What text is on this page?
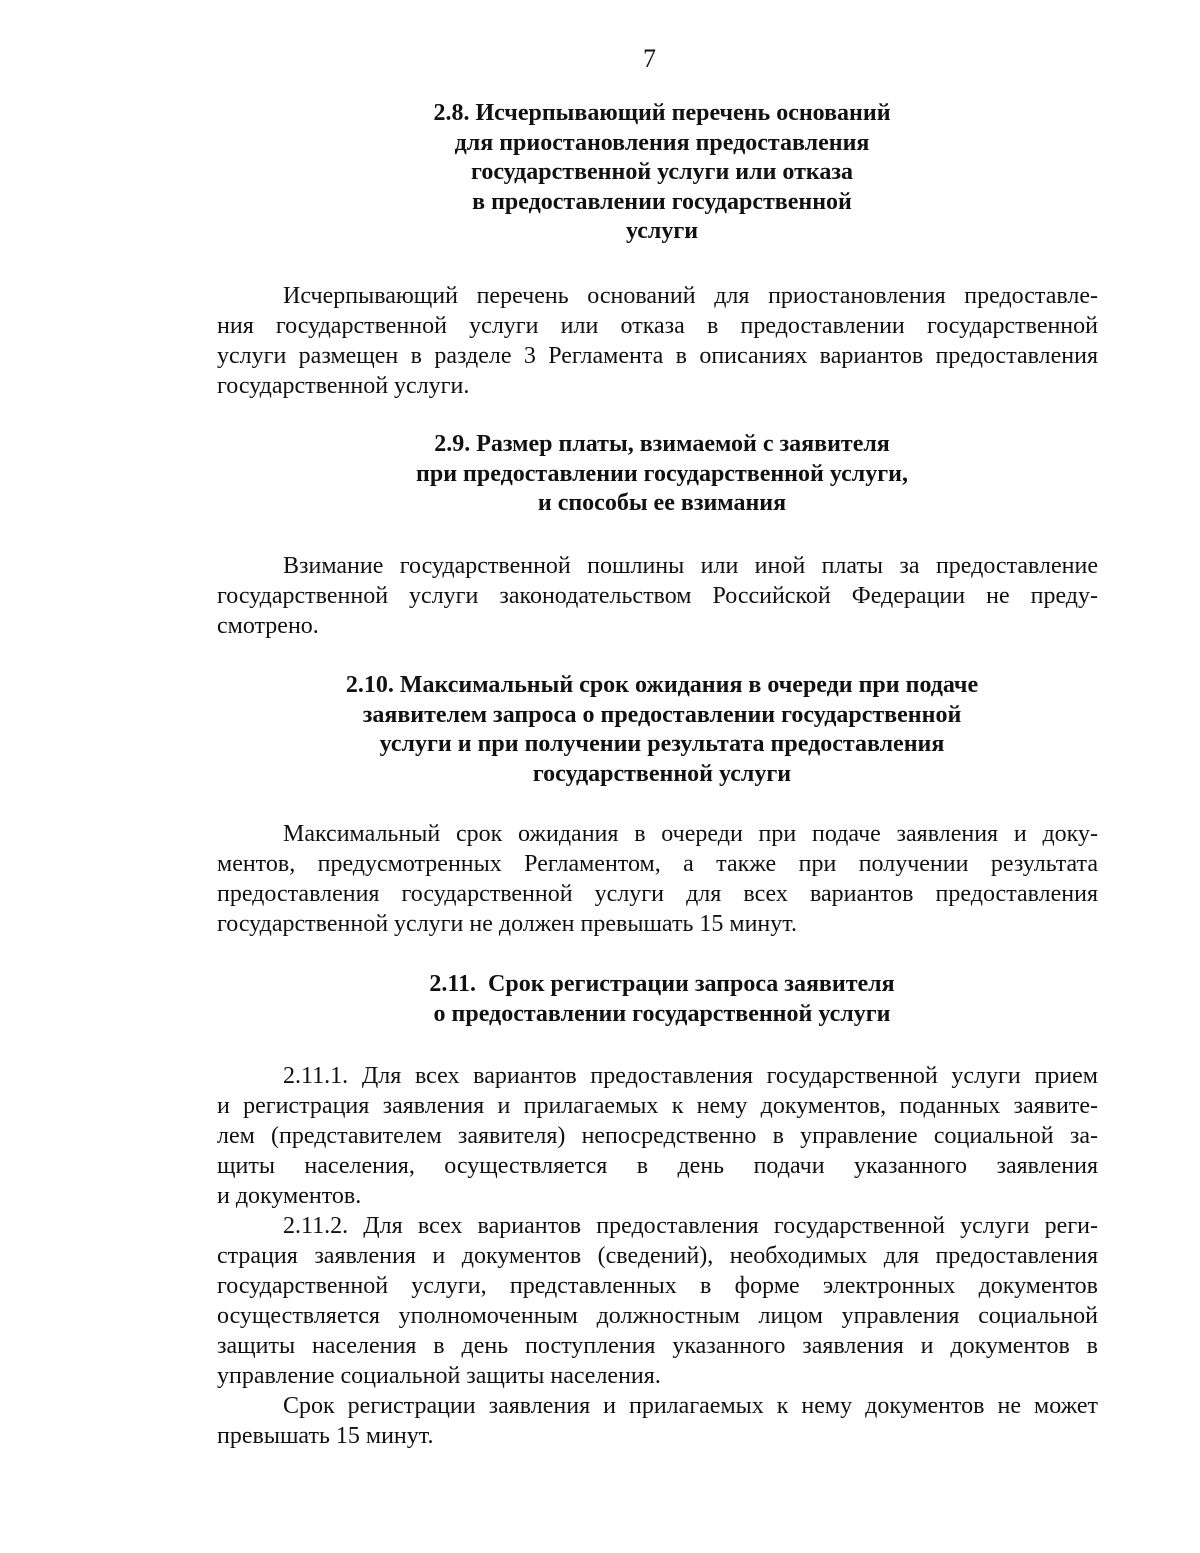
7
2.8. Исчерпывающий перечень оснований
для приостановления предоставления
государственной услуги или отказа
в предоставлении государственной
услуги
Исчерпывающий перечень оснований для приостановления предоставле-
ния государственной услуги или отказа в предоставлении государственной
услуги размещен в разделе 3 Регламента в описаниях вариантов предоставления
государственной услуги.
2.9. Размер платы, взимаемой с заявителя
при предоставлении государственной услуги,
и способы ее взимания
Взимание государственной пошлины или иной платы за предоставление
государственной услуги законодательством Российской Федерации не преду-
смотрено.
2.10. Максимальный срок ожидания в очереди при подаче
заявителем запроса о предоставлении государственной
услуги и при получении результата предоставления
государственной услуги
Максимальный срок ожидания в очереди при подаче заявления и доку-
ментов, предусмотренных Регламентом, а также при получении результата
предоставления государственной услуги для всех вариантов предоставления
государственной услуги не должен превышать 15 минут.
2.11.  Срок регистрации запроса заявителя
о предоставлении государственной услуги
2.11.1. Для всех вариантов предоставления государственной услуги прием
и регистрация заявления и прилагаемых к нему документов, поданных заявите-
лем (представителем заявителя) непосредственно в управление социальной за-
щиты населения, осуществляется в день подачи указанного заявления
и документов.
2.11.2. Для всех вариантов предоставления государственной услуги реги-
страция заявления и документов (сведений), необходимых для предоставления
государственной услуги, представленных в форме электронных документов
осуществляется уполномоченным должностным лицом управления социальной
защиты населения в день поступления указанного заявления и документов в
управление социальной защиты населения.
Срок регистрации заявления и прилагаемых к нему документов не может
превышать 15 минут.
